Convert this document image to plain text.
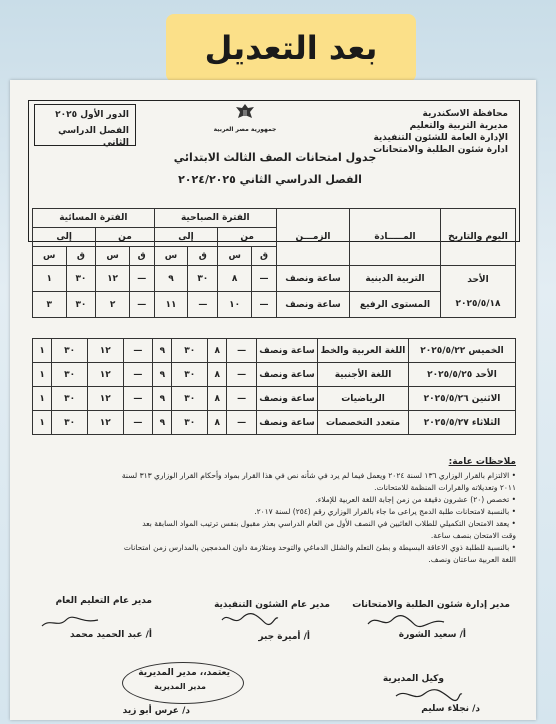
بعد التعديل
محافظة الاسكندرية
مديرية التربية والتعليم
الإدارة العامة للشئون التنفيذية
ادارة شئون الطلبة والامتحانات
جمهورية مصر العربية
الدور الأول ٢٠٢٥
الفصل الدراسي الثاني
جدول امتحانات الصف الثالث الابتدائي
الفصل الدراسي الثاني ٢٠٢٤/٢٠٢٥
اليوم والتاريخ	المـــــادة	الزمـــن	الفترة الصباحية				الفترة المسائية			
			من		إلى		من		إلى	
			ق	س	ق	س	ق	س	ق	س

الأحد
٢٠٢٥/٥/١٨	التربية الدينية	ساعة ونصف	—	٨	٣٠	٩	—	١٢	٣٠	١
	المستوى الرفيع	ساعة ونصف	—	١٠	—	١١	—	٢	٣٠	٣
الخميس ٢٠٢٥/٥/٢٢	اللغة العربية والخط	ساعة ونصف	—	٨	٣٠	٩	—	١٢	٣٠	١
الأحد ٢٠٢٥/٥/٢٥	اللغة الأجنبية	ساعة ونصف	—	٨	٣٠	٩	—	١٢	٣٠	١
الاثنين ٢٠٢٥/٥/٢٦	الرياضيات	ساعة ونصف	—	٨	٣٠	٩	—	١٢	٣٠	١
الثلاثاء ٢٠٢٥/٥/٢٧	متعدد التخصصات	ساعة ونصف	—	٨	٣٠	٩	—	١٢	٣٠	١
ملاحظات عامة:
• الالتزام بالقرار الوزاري ١٣٦ لسنة ٢٠٢٤ ويعمل فيما لم يرد في شأنه نص في هذا القرار بمواد وأحكام القرار الوزاري ٣١٣ لسنة
٢٠١١ وتعديلاته والقرارات المنظمة للامتحانات.
• تخصص (٢٠) عشرون دقيقة من زمن إجابة اللغة العربية للإملاء.
• بالنسبة لامتحانات طلبة الدمج يراعى ما جاء بالقرار الوزاري رقم (٢٥٤) لسنة ٢٠١٧.
• يعقد الامتحان التكميلي للطلاب الغائبين في النصف الأول من العام الدراسي بعذر مقبول بنفس ترتيب المواد السابقة بعد
وقت الامتحان بنصف ساعة.
• بالنسبة للطلبة ذوي الاعاقة البسيطة و بطئ التعلم والشلل الدماغي والتوحد ومتلازمة داون المدمجين بالمدارس زمن امتحانات
اللغة العربية ساعتان ونصف.
مدير إدارة شئون الطلبة والامتحانات
أ/ سعيد الشورة
مدير عام الشئون التنفيذية
أ/ أميرة جبر
مدير عام التعليم العام
أ/ عبد الحميد محمد
يعتمد،، مدير المديرية
مدير المديرية
د/ عرس أبو زيد
وكيل المديرية
د/ نجلاء سليم
